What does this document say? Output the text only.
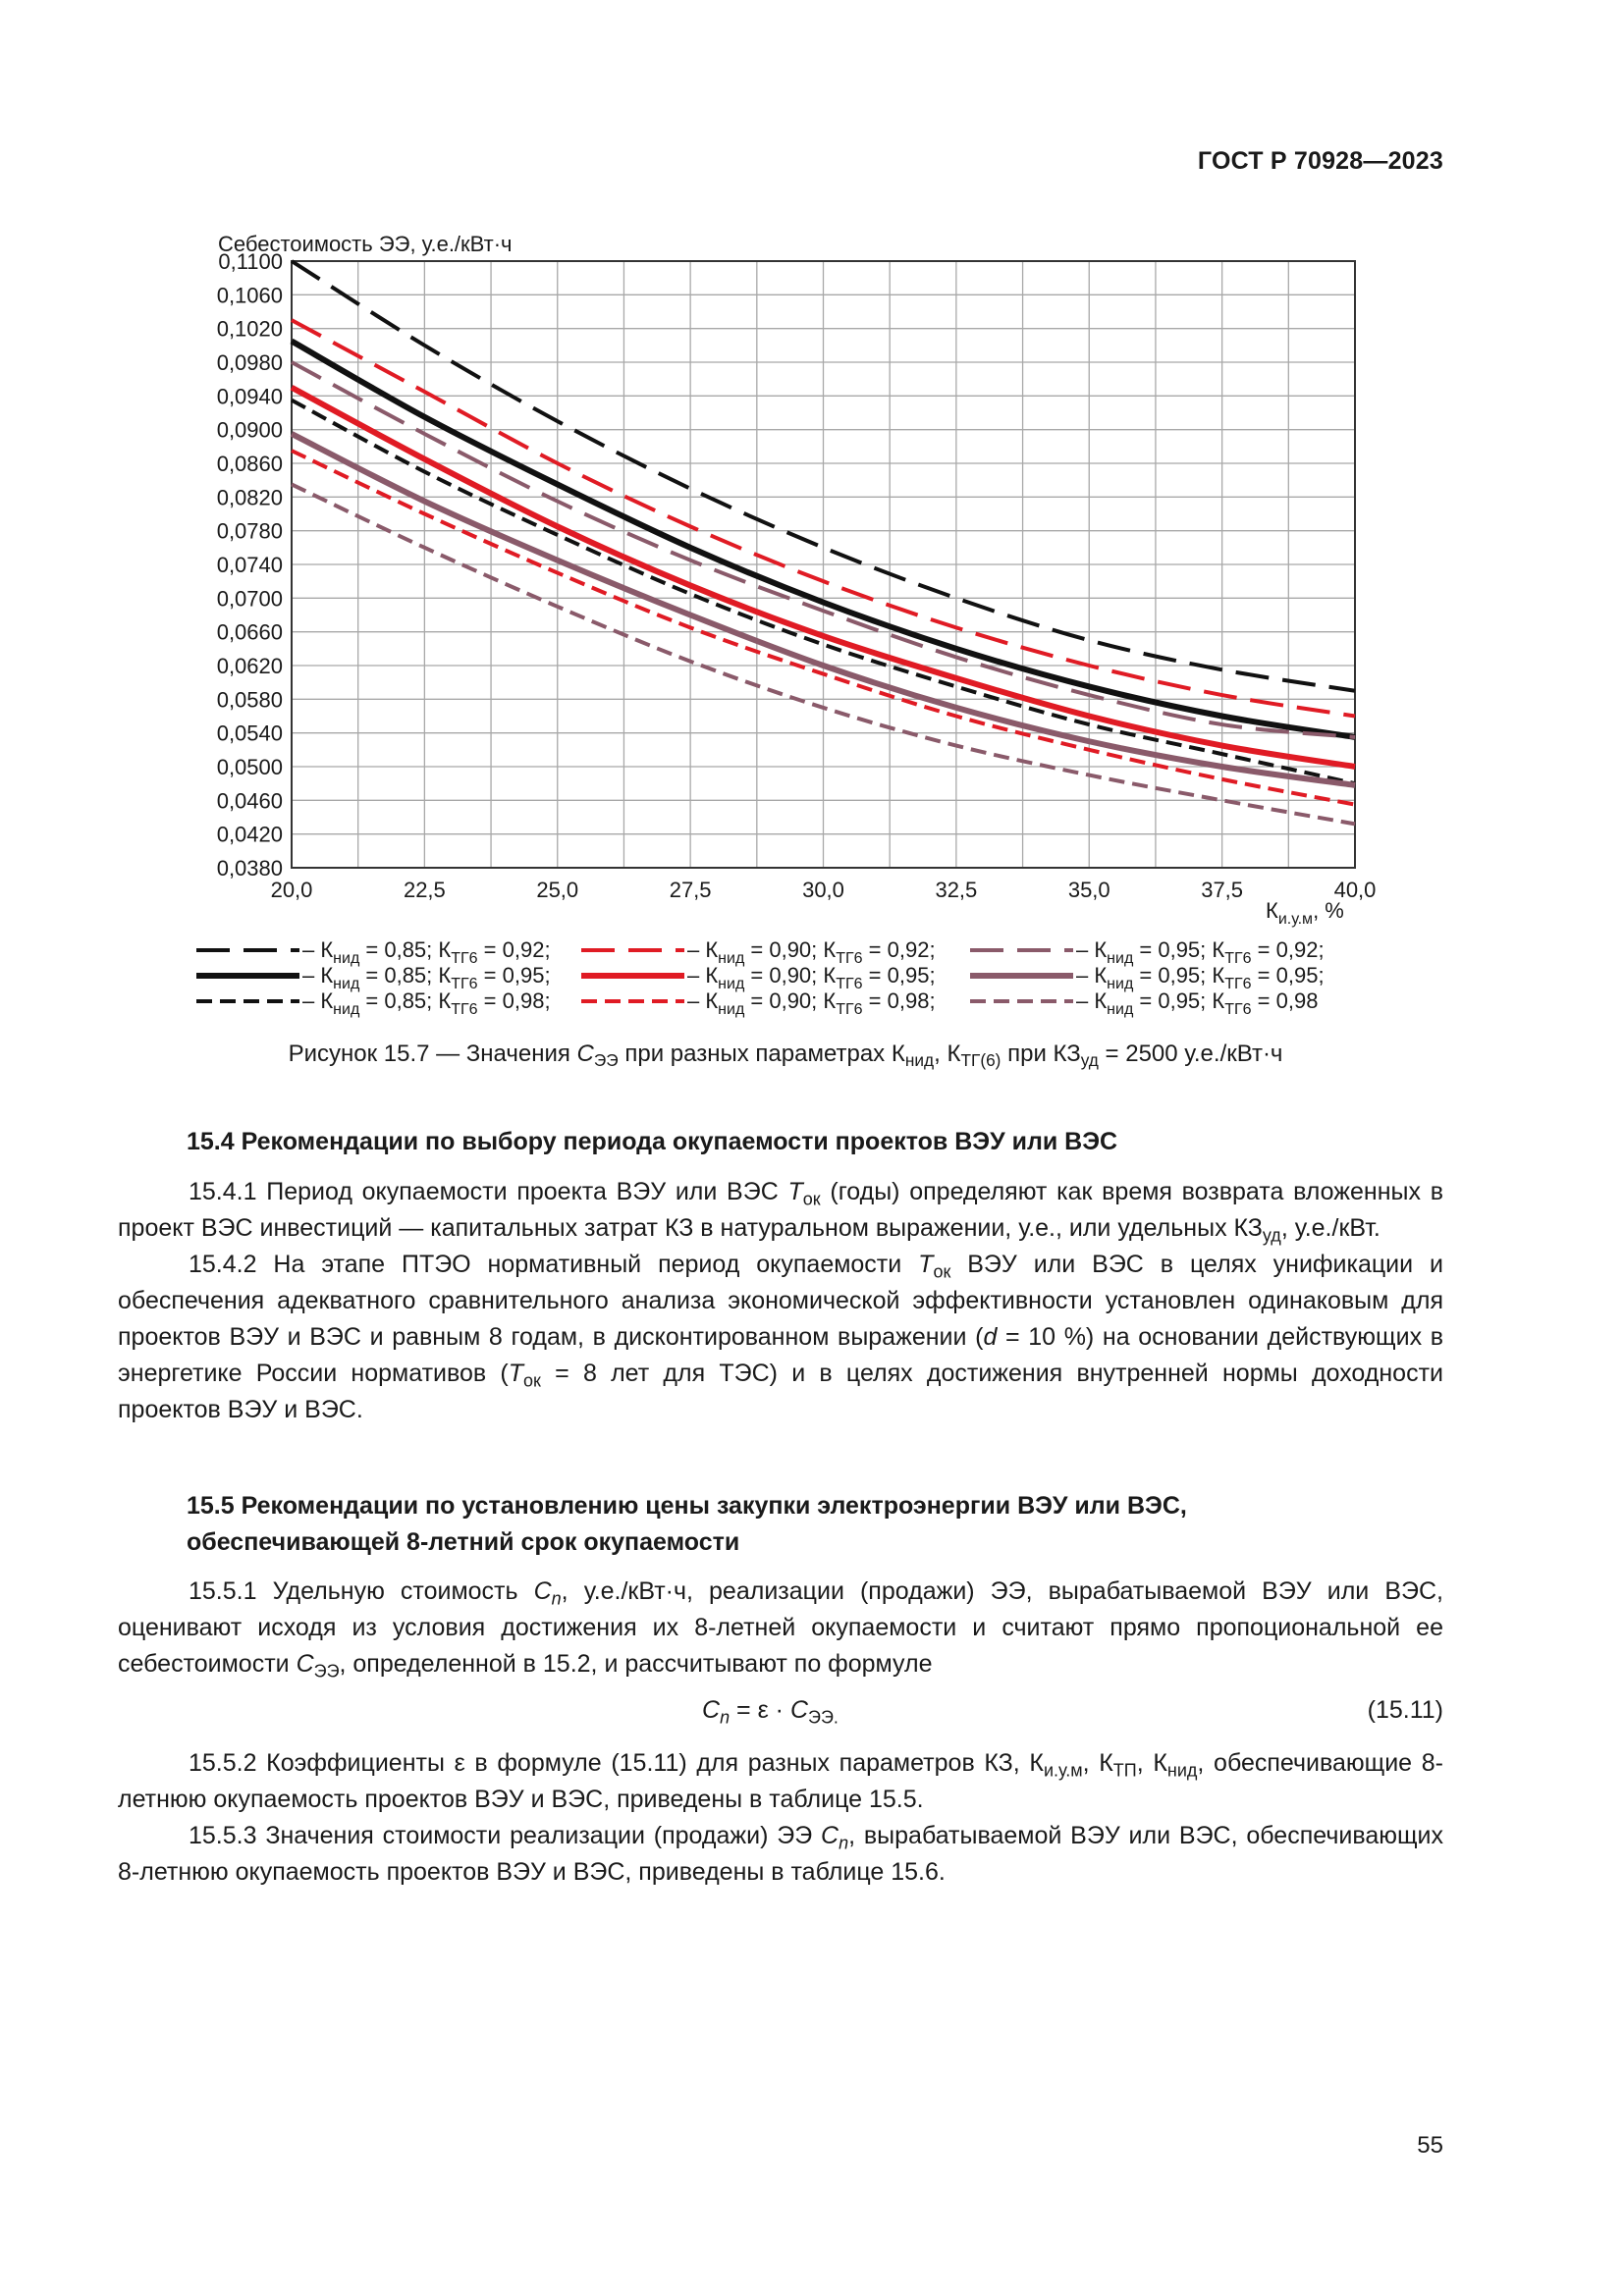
ГОСТ Р 70928—2023
0,1100
0,1060
0,1020
0,0980
0,0940
0,0900
0,0860
0,0820
0,0780
0,0740
0,0700
0,0660
0,0620
0,0580
0,0540
0,0500
0,0460
0,0420
0,0380
20,0	22,5	25,0	27,5	30,0	32,5	35,0	37,5	40,0
– $К_{нид} = 0,85$; $К_{ТГ6} = 0,92$;
– $К_{нид} = 0,85$; $К_{ТГ6} = 0,95$;
– $К_{нид} = 0,85$; $К_{ТГ6} = 0,98$;
– $К_{нид} = 0,90$; $К_{ТГ6} = 0,92$;
– $К_{нид} = 0,90$; $К_{ТГ6} = 0,95$;
– $К_{нид} = 0,90$; $К_{ТГ6} = 0,98$;
– $К_{нид} = 0,95$; $К_{ТГ6} = 0,92$;
– $К_{нид} = 0,95$; $К_{ТГ6} = 0,95$;
– $К_{нид} = 0,95$; $К_{ТГ6} = 0,98$
Себестоимость ЭЭ, у.е./кВт·ч
$К_{и.у.м}$, %
Рисунок 15.7 — Значения $C_{ЭЭ}$ при разных параметрах $К_{нид}$, $К_{ТГ(6)}$ при $КЗ_{уд} = 2500$ у.е./кВт·ч
15.4 Рекомендации по выбору периода окупаемости проектов ВЭУ или ВЭС

15.4.1 Период окупаемости проекта ВЭУ или ВЭС $T_{ок}$ (годы) определяют как время возврата вложенных в проект ВЭС инвестиций — капитальных затрат КЗ в натуральном выражении, у.е., или удельных $КЗ_{уд}$, у.е./кВт.

15.4.2 На этапе ПТЭО нормативный период окупаемости $T_{ок}$ ВЭУ или ВЭС в целях унификации и обеспечения адекватного сравнительного анализа экономической эффективности установлен одинаковым для проектов ВЭУ и ВЭС и равным 8 годам, в дисконтированном выражении (d = 10 %) на основании действующих в энергетике России нормативов ($T_{ок} = 8$ лет для ТЭС) и в целях достижения внутренней нормы доходности проектов ВЭУ и ВЭС.

15.5 Рекомендации по установлению цены закупки электроэнергии ВЭУ или ВЭС,
обеспечивающей 8-летний срок окупаемости

15.5.1 Удельную стоимость $C_n$, у.е./кВт·ч, реализации (продажи) ЭЭ, вырабатываемой ВЭУ или ВЭС, оценивают исходя из условия достижения их 8-летней окупаемости и считают прямо пропоциональной ее себестоимости $C_{ЭЭ}$, определенной в 15.2, и рассчитывают по формуле

$C_n = \varepsilon \cdot C_{ЭЭ.}$	(15.11)

15.5.2 Коэффициенты ε в формуле (15.11) для разных параметров КЗ, $К_{и.у.м}$, $К_{ТП}$, $К_{нид}$, обеспечивающие 8-летнюю окупаемость проектов ВЭУ и ВЭС, приведены в таблице 15.5.

15.5.3 Значения стоимости реализации (продажи) ЭЭ $C_n$, вырабатываемой ВЭУ или ВЭС, обеспечивающих 8-летнюю окупаемость проектов ВЭУ и ВЭС, приведены в таблице 15.6.

55
